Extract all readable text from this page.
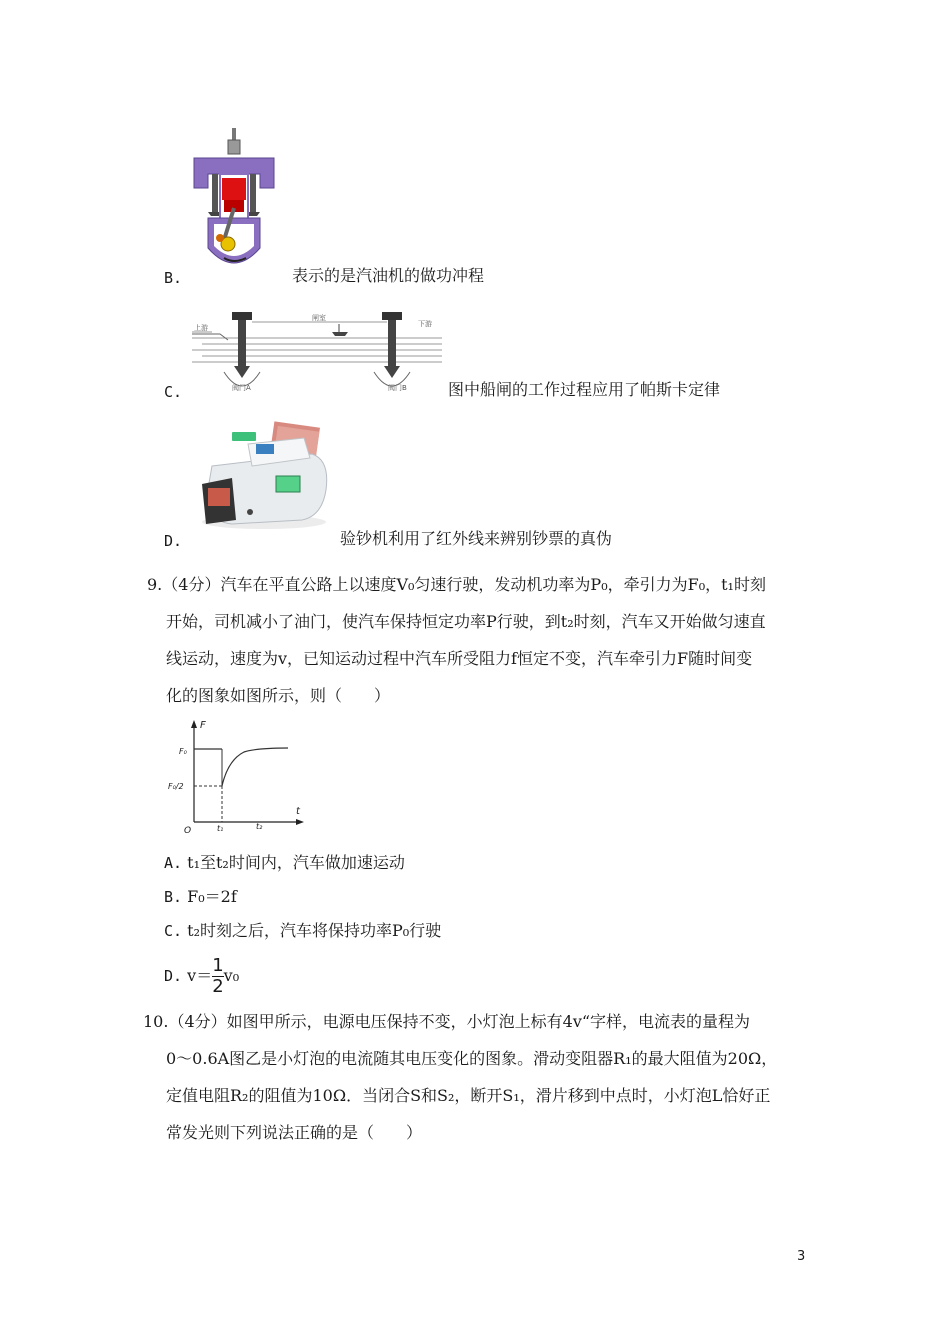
B.	表示的是汽油机的做功冲程
上游
闸室
下游
阀门A	阀门B
C.	图中船闸的工作过程应用了帕斯卡定律
D.	验钞机利用了红外线来辨别钞票的真伪
9.（4分）汽车在平直公路上以速度V₀匀速行驶，发动机功率为P₀，牵引力为F₀，t₁时刻
开始，司机减小了油门，使汽车保持恒定功率P行驶，到t₂时刻，汽车又开始做匀速直
线运动，速度为v，已知运动过程中汽车所受阻力f恒定不变，汽车牵引力F随时间变
化的图象如图所示，则（　　）
F
t
O
F₀
F₀/2
t₁	t₂
A. t₁至t₂时间内，汽车做加速运动
B. F₀＝2f
C. t₂时刻之后，汽车将保持功率P₀行驶
D. $v= \frac{1}{2} v_0$
10.（4分）如图甲所示，电源电压保持不变，小灯泡上标有4v“字样，电流表的量程为
0～0.6A图乙是小灯泡的电流随其电压变化的图象。滑动变阻器R₁的最大阻值为20Ω，
定值电阻R₂的阻值为10Ω．当闭合S和S₂，断开S₁，滑片移到中点时，小灯泡L恰好正
常发光则下列说法正确的是（　　）
3
